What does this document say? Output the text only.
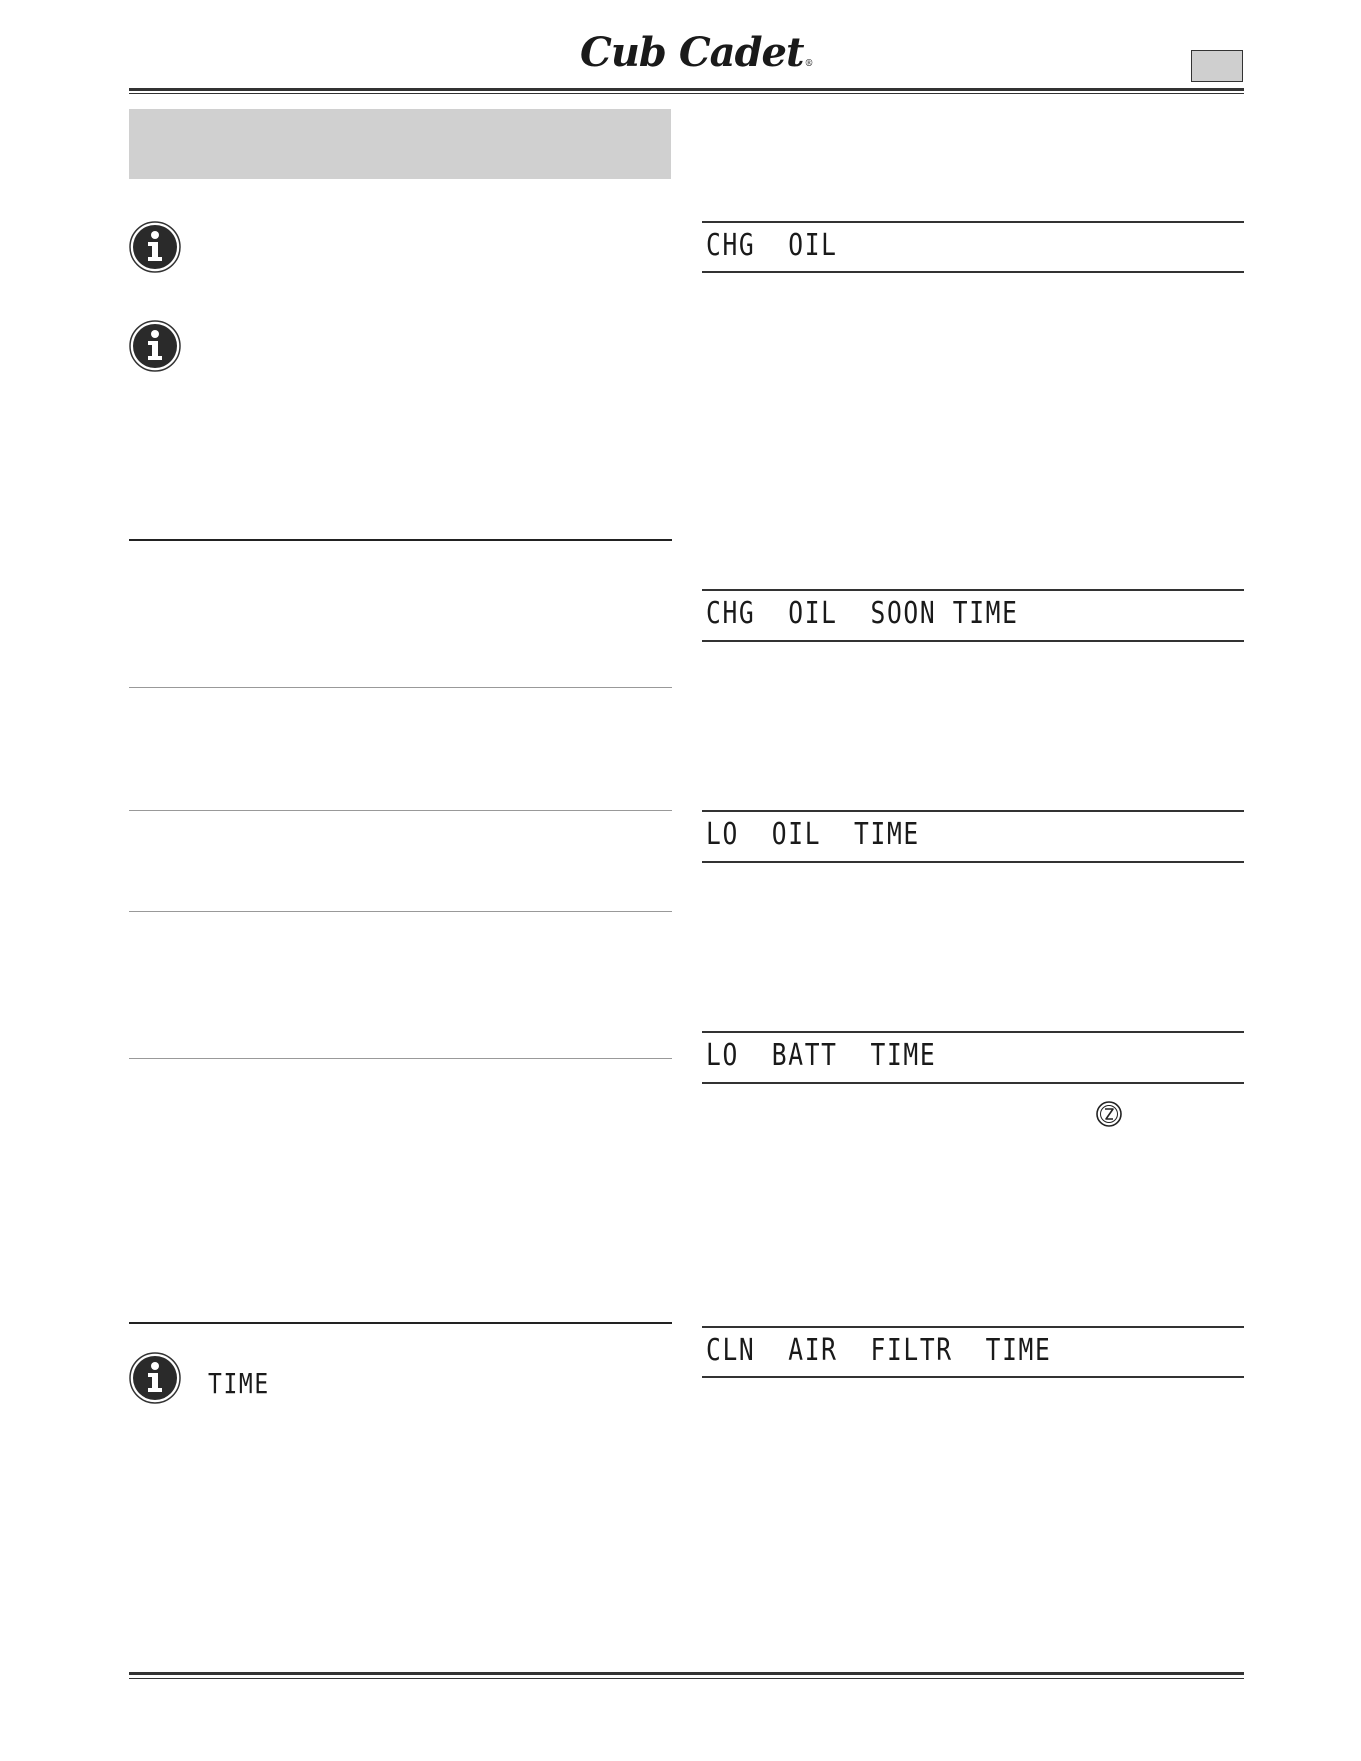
Cub Cadet®
TIME
CHG  OIL
CHG  OIL  SOON TIME
LO  OIL  TIME
LO  BATT  TIME
CLN  AIR  FILTR  TIME
